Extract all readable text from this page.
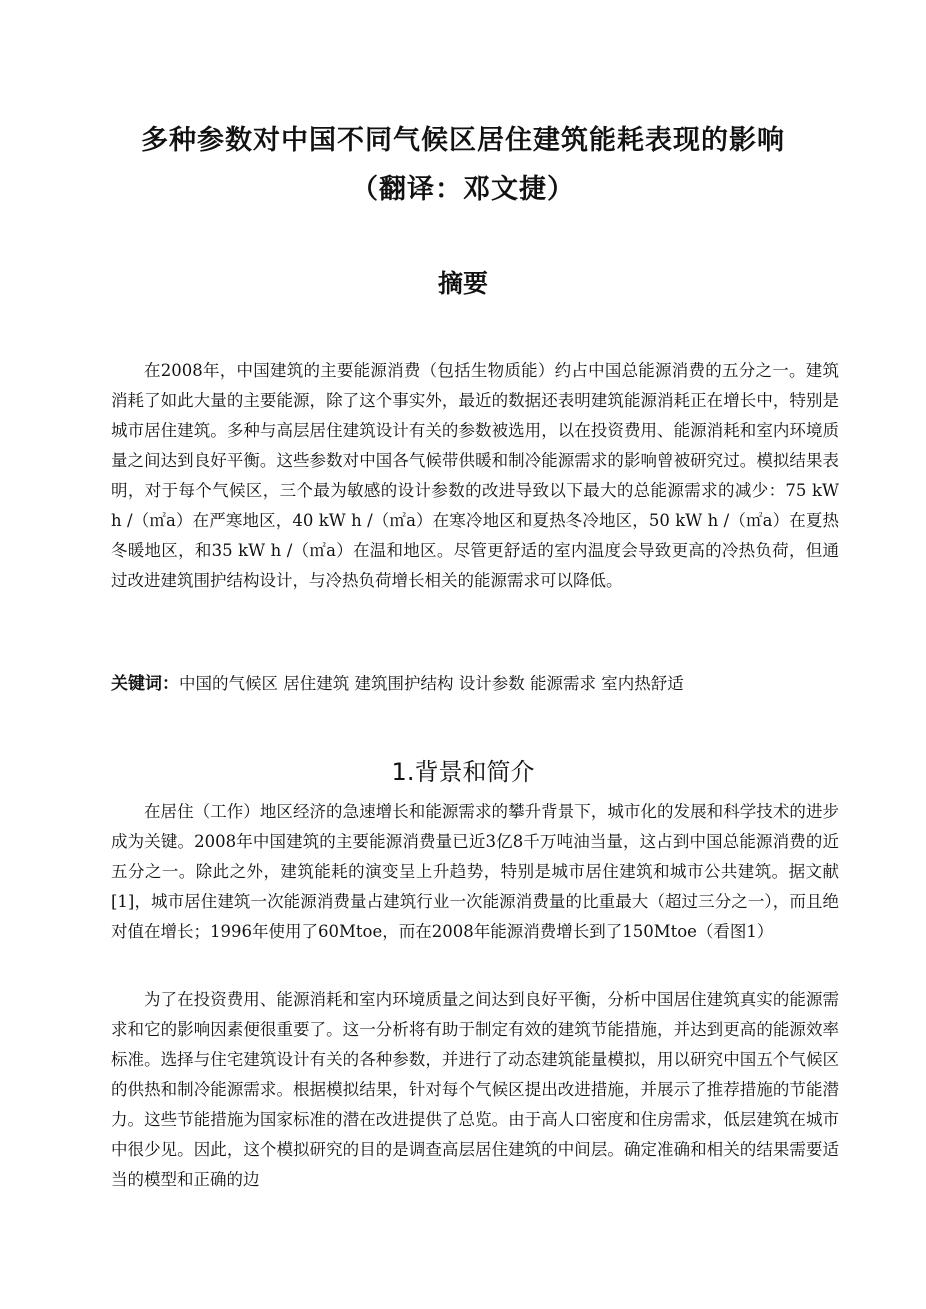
多种参数对中国不同气候区居住建筑能耗表现的影响
（翻译：邓文捷）
摘要

在2008年，中国建筑的主要能源消费（包括生物质能）约占中国总能源消费的五分之一。建筑消耗了如此大量的主要能源，除了这个事实外，最近的数据还表明建筑能源消耗正在增长中，特别是城市居住建筑。多种与高层居住建筑设计有关的参数被选用，以在投资费用、能源消耗和室内环境质量之间达到良好平衡。这些参数对中国各气候带供暖和制冷能源需求的影响曾被研究过。模拟结果表明，对于每个气候区，三个最为敏感的设计参数的改进导致以下最大的总能源需求的减少：75 kW h /（㎡a）在严寒地区，40 kW h /（㎡a）在寒冷地区和夏热冬冷地区，50 kW h /（㎡a）在夏热冬暖地区，和35 kW h /（㎡a）在温和地区。尽管更舒适的室内温度会导致更高的冷热负荷，但通过改进建筑围护结构设计，与冷热负荷增长相关的能源需求可以降低。

关键词：中国的气候区 居住建筑 建筑围护结构 设计参数 能源需求 室内热舒适
1.背景和简介

在居住（工作）地区经济的急速增长和能源需求的攀升背景下，城市化的发展和科学技术的进步成为关键。2008年中国建筑的主要能源消费量已近3亿8千万吨油当量，这占到中国总能源消费的近五分之一。除此之外，建筑能耗的演变呈上升趋势，特别是城市居住建筑和城市公共建筑。据文献[1]，城市居住建筑一次能源消费量占建筑行业一次能源消费量的比重最大（超过三分之一），而且绝对值在增长；1996年使用了60Mtoe，而在2008年能源消费增长到了150Mtoe（看图1）

为了在投资费用、能源消耗和室内环境质量之间达到良好平衡，分析中国居住建筑真实的能源需求和它的影响因素便很重要了。这一分析将有助于制定有效的建筑节能措施，并达到更高的能源效率标准。选择与住宅建筑设计有关的各种参数，并进行了动态建筑能量模拟，用以研究中国五个气候区的供热和制冷能源需求。根据模拟结果，针对每个气候区提出改进措施，并展示了推荐措施的节能潜力。这些节能措施为国家标准的潜在改进提供了总览。由于高人口密度和住房需求，低层建筑在城市中很少见。因此，这个模拟研究的目的是调查高层居住建筑的中间层。确定准确和相关的结果需要适当的模型和正确的边
